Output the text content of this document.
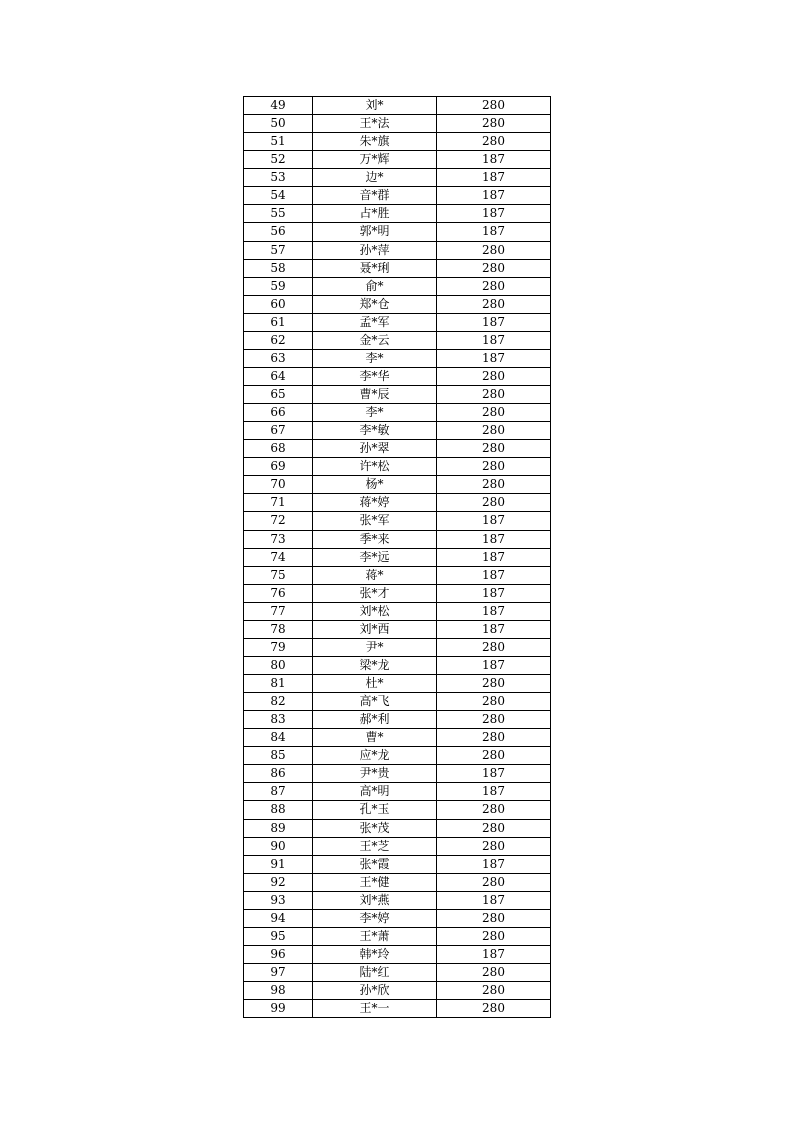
49	刘*	280
50	王*法	280
51	朱*旗	280
52	万*辉	187
53	边*	187
54	音*群	187
55	占*胜	187
56	郭*明	187
57	孙*萍	280
58	聂*琍	280
59	俞*	280
60	郑*仓	280
61	孟*军	187
62	金*云	187
63	李*	187
64	李*华	280
65	曹*辰	280
66	李*	280
67	李*敏	280
68	孙*翠	280
69	许*松	280
70	杨*	280
71	蒋*婷	280
72	张*军	187
73	季*来	187
74	李*远	187
75	蒋*	187
76	张*才	187
77	刘*松	187
78	刘*西	187
79	尹*	280
80	梁*龙	187
81	杜*	280
82	高*飞	280
83	郝*利	280
84	曹*	280
85	应*龙	280
86	尹*贵	187
87	高*明	187
88	孔*玉	280
89	张*茂	280
90	王*芝	280
91	张*霞	187
92	王*健	280
93	刘*燕	187
94	李*婷	280
95	王*萧	280
96	韩*玲	187
97	陆*红	280
98	孙*欣	280
99	王*一	280
